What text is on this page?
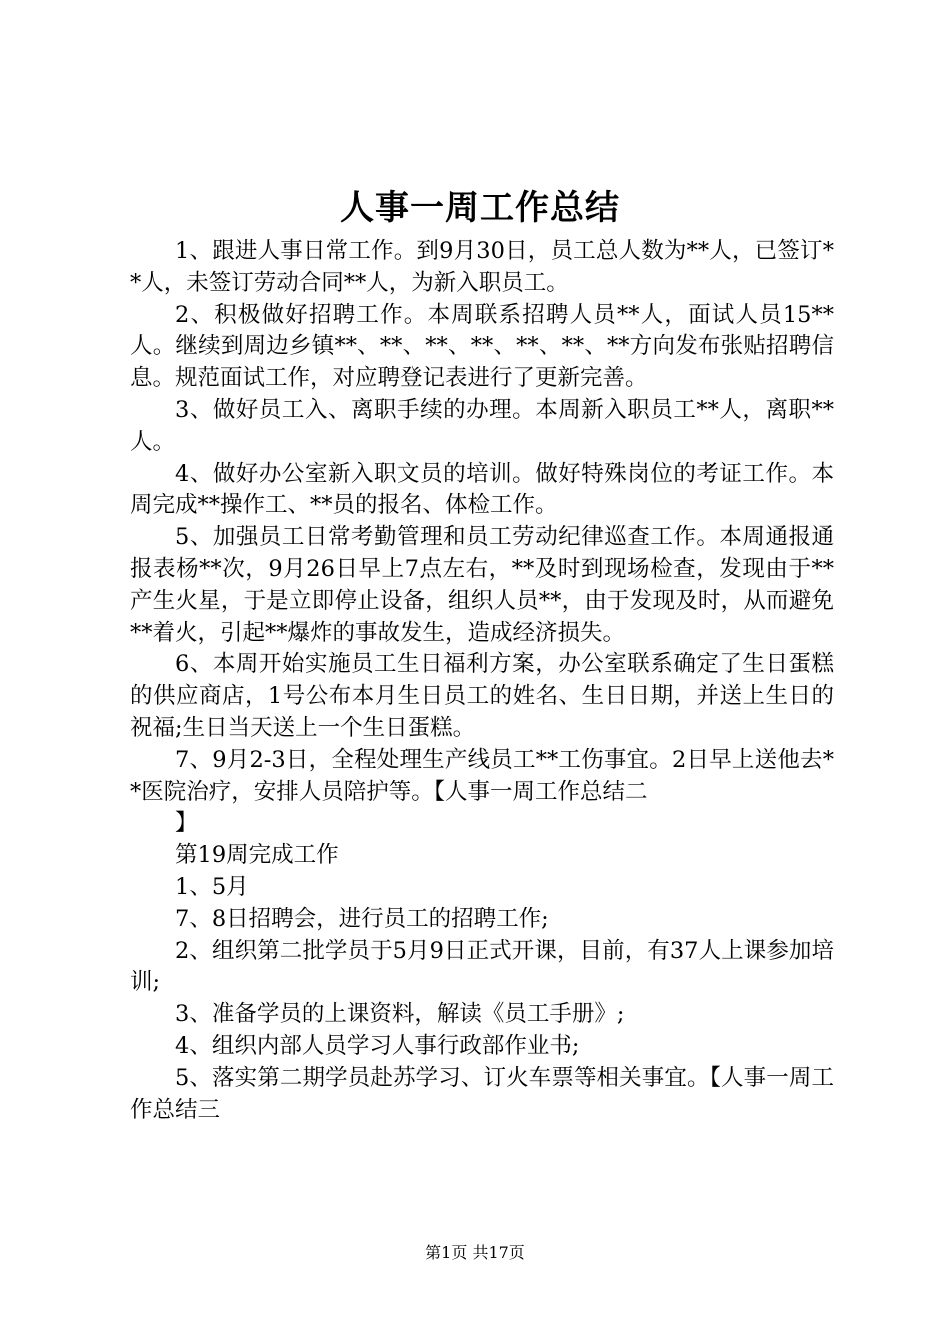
人事一周工作总结

1、跟进人事日常工作。到9月30日，员工总人数为**人，已签订**人，未签订劳动合同**人，为新入职员工。

2、积极做好招聘工作。本周联系招聘人员**人，面试人员15**人。继续到周边乡镇**、**、**、**、**、**、**方向发布张贴招聘信息。规范面试工作，对应聘登记表进行了更新完善。

3、做好员工入、离职手续的办理。本周新入职员工**人，离职**人。

4、做好办公室新入职文员的培训。做好特殊岗位的考证工作。本周完成**操作工、**员的报名、体检工作。

5、加强员工日常考勤管理和员工劳动纪律巡查工作。本周通报通报表杨**次，9月26日早上7点左右，**及时到现场检查，发现由于**产生火星，于是立即停止设备，组织人员**，由于发现及时，从而避免**着火，引起**爆炸的事故发生，造成经济损失。

6、本周开始实施员工生日福利方案，办公室联系确定了生日蛋糕的供应商店，1号公布本月生日员工的姓名、生日日期，并送上生日的祝福;生日当天送上一个生日蛋糕。

7、9月2-3日，全程处理生产线员工**工伤事宜。2日早上送他去**医院治疗，安排人员陪护等。【人事一周工作总结二

】

第19周完成工作

1、5月

7、8日招聘会，进行员工的招聘工作;

2、组织第二批学员于5月9日正式开课，目前，有37人上课参加培训;

3、准备学员的上课资料，解读《员工手册》;

4、组织内部人员学习人事行政部作业书;

5、落实第二期学员赴苏学习、订火车票等相关事宜。【人事一周工作总结三

第1页 共17页
